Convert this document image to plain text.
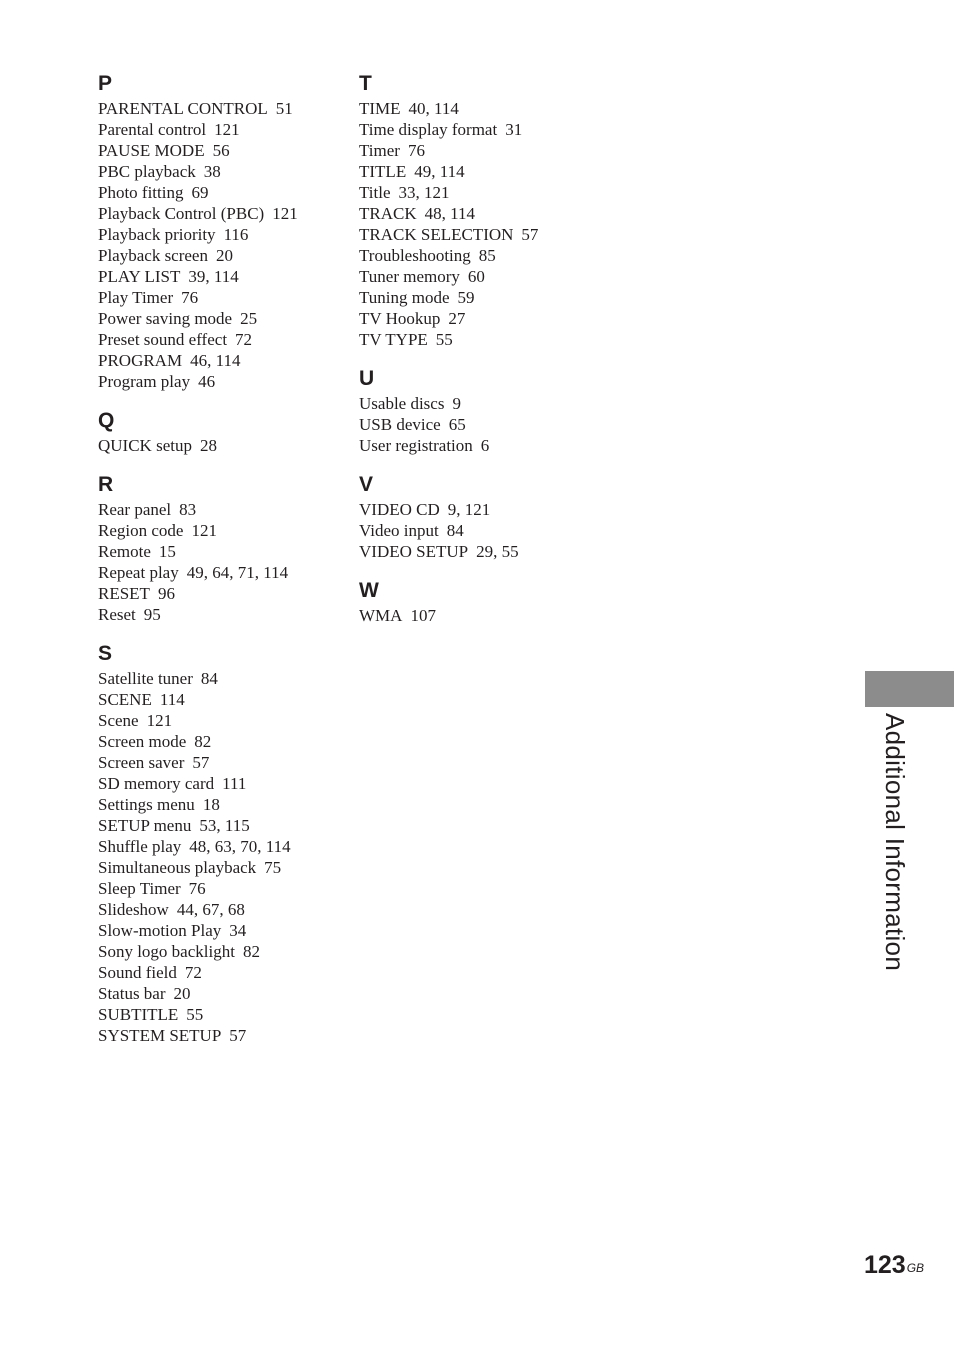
P
PARENTAL CONTROL 51
Parental control 121
PAUSE MODE 56
PBC playback 38
Photo fitting 69
Playback Control (PBC) 121
Playback priority 116
Playback screen 20
PLAY LIST 39, 114
Play Timer 76
Power saving mode 25
Preset sound effect 72
PROGRAM 46, 114
Program play 46
Q
QUICK setup 28
R
Rear panel 83
Region code 121
Remote 15
Repeat play 49, 64, 71, 114
RESET 96
Reset 95
S
Satellite tuner 84
SCENE 114
Scene 121
Screen mode 82
Screen saver 57
SD memory card 111
Settings menu 18
SETUP menu 53, 115
Shuffle play 48, 63, 70, 114
Simultaneous playback 75
Sleep Timer 76
Slideshow 44, 67, 68
Slow-motion Play 34
Sony logo backlight 82
Sound field 72
Status bar 20
SUBTITLE 55
SYSTEM SETUP 57
T
TIME 40, 114
Time display format 31
Timer 76
TITLE 49, 114
Title 33, 121
TRACK 48, 114
TRACK SELECTION 57
Troubleshooting 85
Tuner memory 60
Tuning mode 59
TV Hookup 27
TV TYPE 55
U
Usable discs 9
USB device 65
User registration 6
V
VIDEO CD 9, 121
Video input 84
VIDEO SETUP 29, 55
W
WMA 107
Additional Information
$123^{GB}$
